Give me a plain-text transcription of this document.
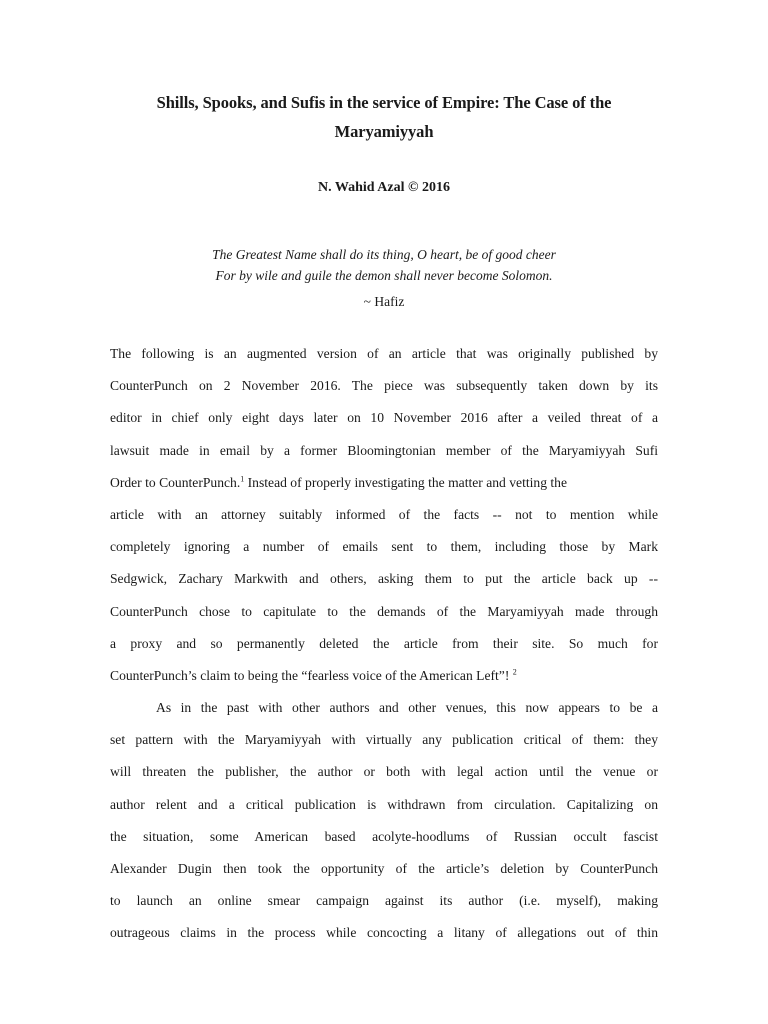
Shills, Spooks, and Sufis in the service of Empire: The Case of the
Maryamiyyah
N. Wahid Azal © 2016
The Greatest Name shall do its thing, O heart, be of good cheer
For by wile and guile the demon shall never become Solomon.
~ Hafiz
The following is an augmented version of an article that was originally published by
CounterPunch on 2 November 2016. The piece was subsequently taken down by its
editor in chief only eight days later on 10 November 2016 after a veiled threat of a
lawsuit made in email by a former Bloomingtonian member of the Maryamiyyah Sufi
Order to CounterPunch.$^1$ Instead of properly investigating the matter and vetting the
article with an attorney suitably informed of the facts -- not to mention while
completely ignoring a number of emails sent to them, including those by Mark
Sedgwick, Zachary Markwith and others, asking them to put the article back up --
CounterPunch chose to capitulate to the demands of the Maryamiyyah made through
a proxy and so permanently deleted the article from their site. So much for
CounterPunch’s claim to being the “fearless voice of the American Left”! $^2$
As in the past with other authors and other venues, this now appears to be a
set pattern with the Maryamiyyah with virtually any publication critical of them: they
will threaten the publisher, the author or both with legal action until the venue or
author relent and a critical publication is withdrawn from circulation. Capitalizing on
the situation, some American based acolyte-hoodlums of Russian occult fascist
Alexander Dugin then took the opportunity of the article’s deletion by CounterPunch
to launch an online smear campaign against its author (i.e. myself), making
outrageous claims in the process while concocting a litany of allegations out of thin
